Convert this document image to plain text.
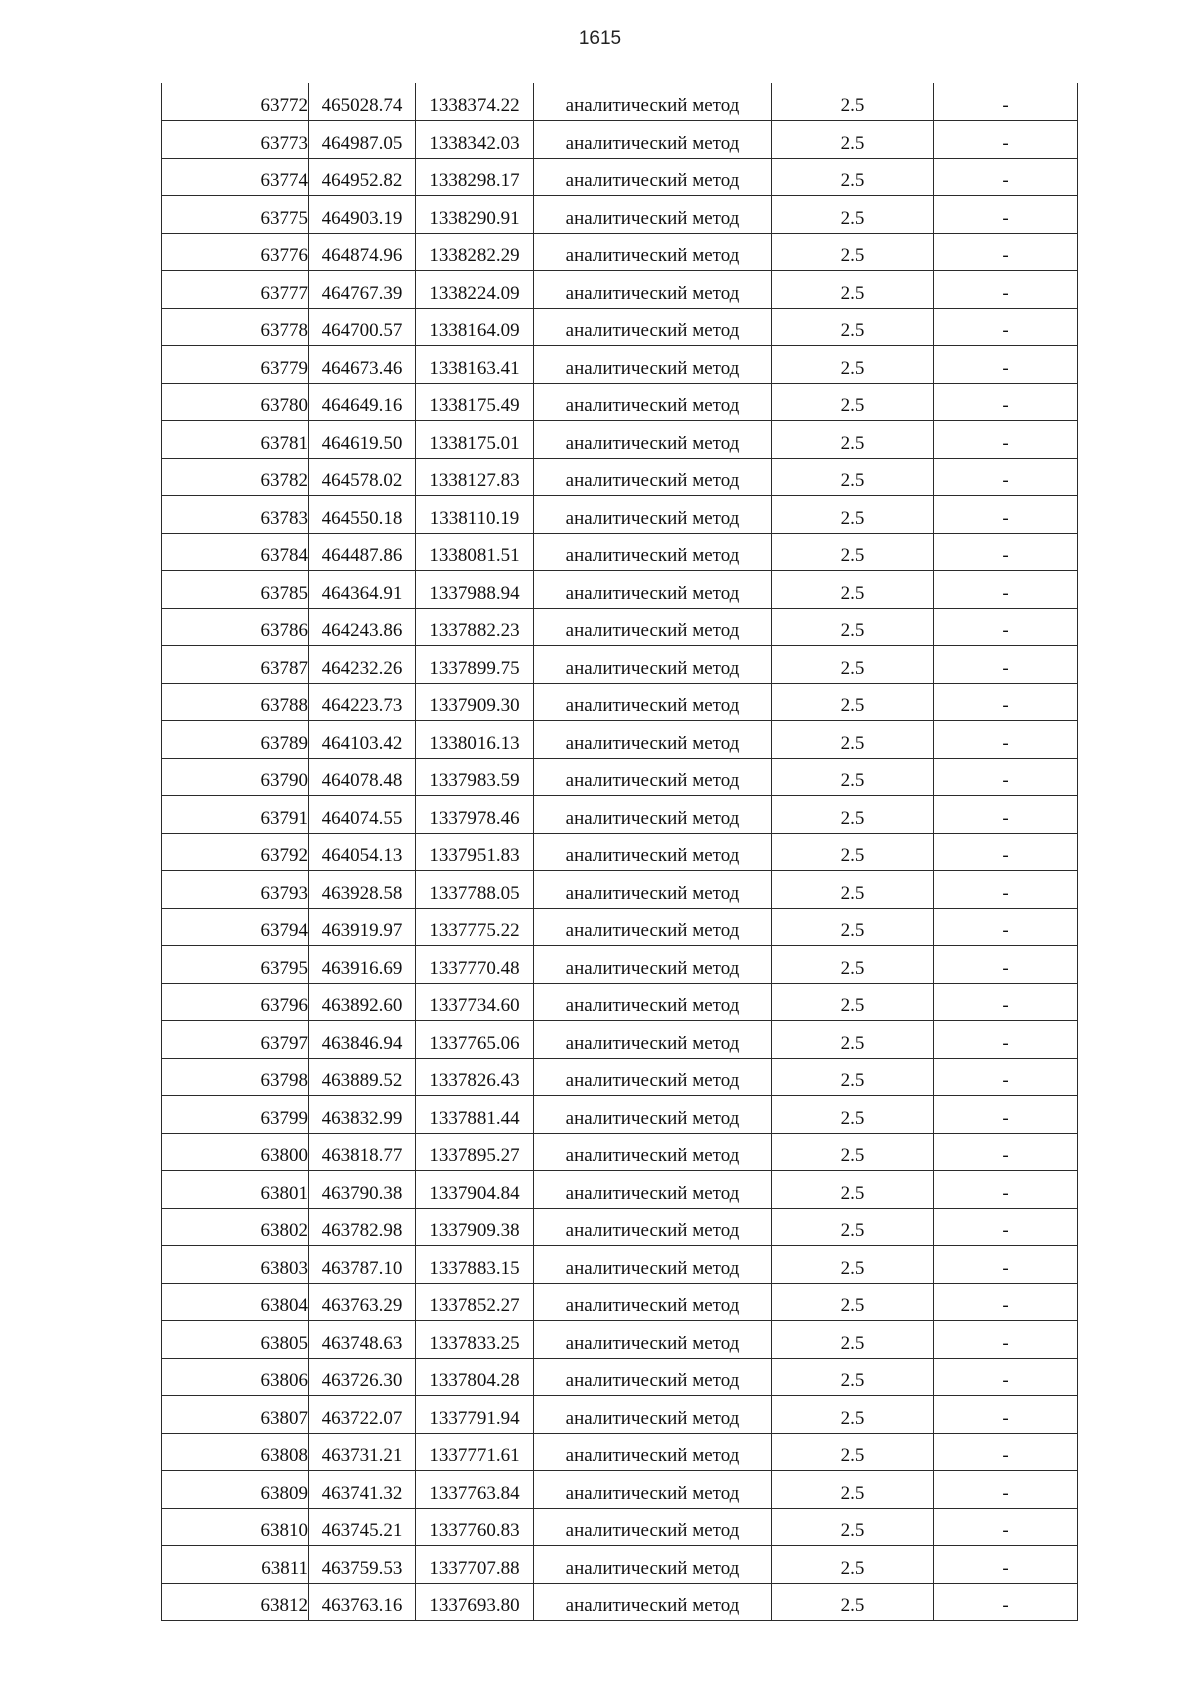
1615
63772	465028.74	1338374.22	аналитический метод	2.5	-
63773	464987.05	1338342.03	аналитический метод	2.5	-
63774	464952.82	1338298.17	аналитический метод	2.5	-
63775	464903.19	1338290.91	аналитический метод	2.5	-
63776	464874.96	1338282.29	аналитический метод	2.5	-
63777	464767.39	1338224.09	аналитический метод	2.5	-
63778	464700.57	1338164.09	аналитический метод	2.5	-
63779	464673.46	1338163.41	аналитический метод	2.5	-
63780	464649.16	1338175.49	аналитический метод	2.5	-
63781	464619.50	1338175.01	аналитический метод	2.5	-
63782	464578.02	1338127.83	аналитический метод	2.5	-
63783	464550.18	1338110.19	аналитический метод	2.5	-
63784	464487.86	1338081.51	аналитический метод	2.5	-
63785	464364.91	1337988.94	аналитический метод	2.5	-
63786	464243.86	1337882.23	аналитический метод	2.5	-
63787	464232.26	1337899.75	аналитический метод	2.5	-
63788	464223.73	1337909.30	аналитический метод	2.5	-
63789	464103.42	1338016.13	аналитический метод	2.5	-
63790	464078.48	1337983.59	аналитический метод	2.5	-
63791	464074.55	1337978.46	аналитический метод	2.5	-
63792	464054.13	1337951.83	аналитический метод	2.5	-
63793	463928.58	1337788.05	аналитический метод	2.5	-
63794	463919.97	1337775.22	аналитический метод	2.5	-
63795	463916.69	1337770.48	аналитический метод	2.5	-
63796	463892.60	1337734.60	аналитический метод	2.5	-
63797	463846.94	1337765.06	аналитический метод	2.5	-
63798	463889.52	1337826.43	аналитический метод	2.5	-
63799	463832.99	1337881.44	аналитический метод	2.5	-
63800	463818.77	1337895.27	аналитический метод	2.5	-
63801	463790.38	1337904.84	аналитический метод	2.5	-
63802	463782.98	1337909.38	аналитический метод	2.5	-
63803	463787.10	1337883.15	аналитический метод	2.5	-
63804	463763.29	1337852.27	аналитический метод	2.5	-
63805	463748.63	1337833.25	аналитический метод	2.5	-
63806	463726.30	1337804.28	аналитический метод	2.5	-
63807	463722.07	1337791.94	аналитический метод	2.5	-
63808	463731.21	1337771.61	аналитический метод	2.5	-
63809	463741.32	1337763.84	аналитический метод	2.5	-
63810	463745.21	1337760.83	аналитический метод	2.5	-
63811	463759.53	1337707.88	аналитический метод	2.5	-
63812	463763.16	1337693.80	аналитический метод	2.5	-
